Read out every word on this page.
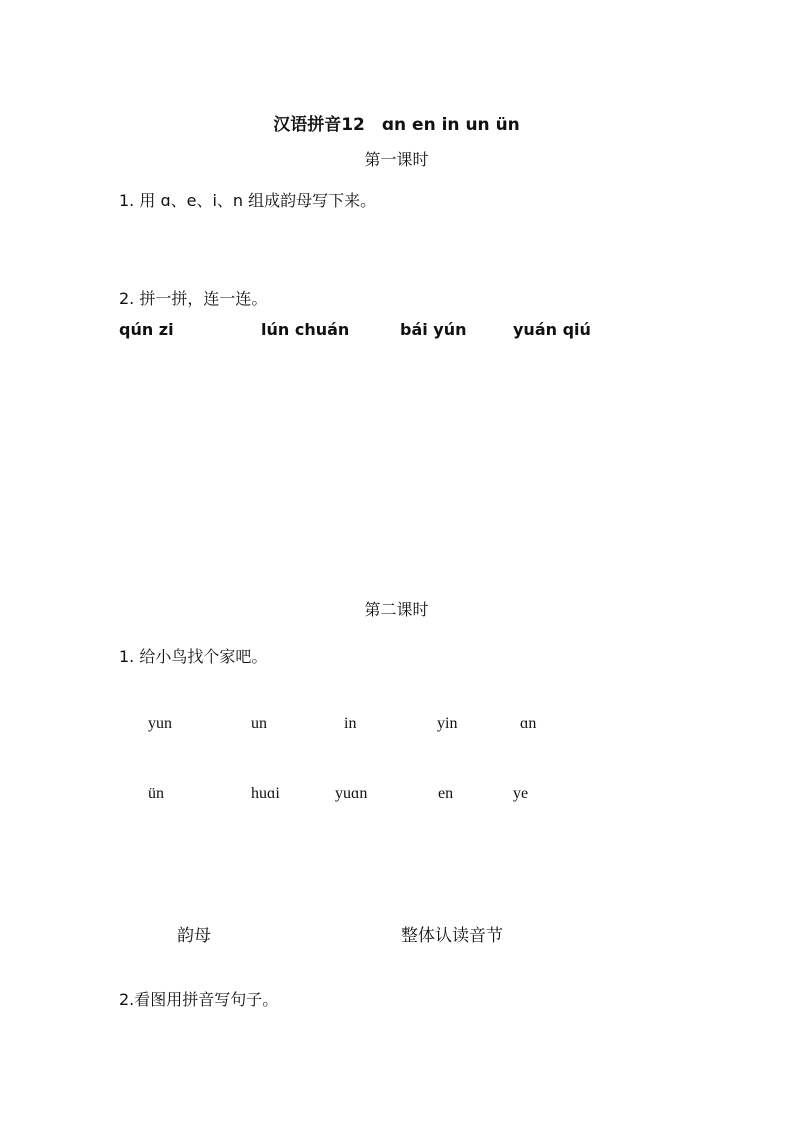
汉语拼音12　ɑn en in un ün
第一课时
1. 用 ɑ、e、i、n 组成韵母写下来。
2. 拼一拼，连一连。
qún zi	lún chuán	bái yún	yuán qiú
第二课时
1. 给小鸟找个家吧。
yun	un	in	yin	ɑn
ün	huɑi	yuɑn	en	ye
韵母	整体认读音节
2.看图用拼音写句子。
